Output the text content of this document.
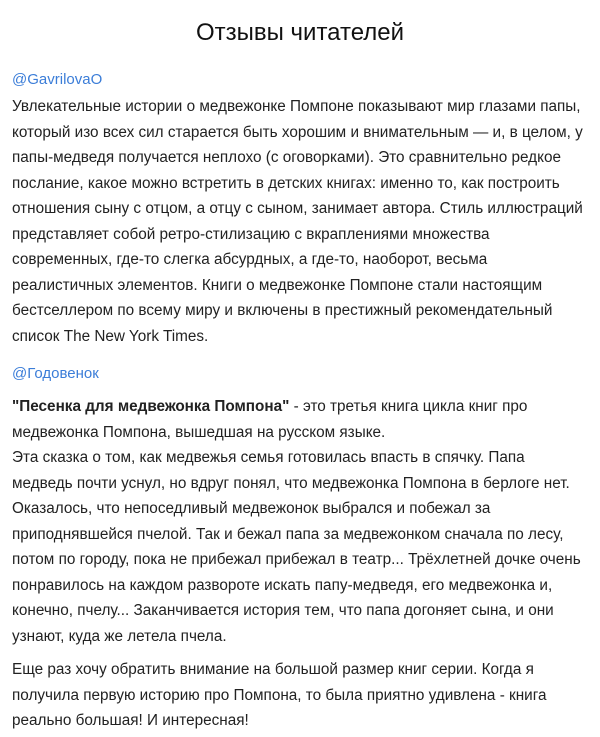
Отзывы читателей
@GavrilovaO

Увлекательные истории о медвежонке Помпоне показывают мир глазами папы, который изо всех сил старается быть хорошим и внимательным — и, в целом, у папы-медведя получается неплохо (с оговорками). Это сравнительно редкое послание, какое можно встретить в детских книгах: именно то, как построить отношения сыну с отцом, а отцу с сыном, занимает автора. Стиль иллюстраций представляет собой ретро-стилизацию с вкраплениями множества современных, где-то слегка абсурдных, а где-то, наоборот, весьма реалистичных элементов. Книги о медвежонке Помпоне стали настоящим бестселлером по всему миру и включены в престижный рекомендательный список The New York Times.

@Годовенок

"Песенка для медвежонка Помпона" - это третья книга цикла книг про медвежонка Помпона, вышедшая на русском языке.

Эта сказка о том, как медвежья семья готовилась впасть в спячку. Папа медведь почти уснул, но вдруг понял, что медвежонка Помпона в берлоге нет. Оказалось, что непоседливый медвежонок выбрался и побежал за приподнявшейся пчелой. Так и бежал папа за медвежонком сначала по лесу, потом по городу, пока не прибежал прибежал в театр... Трёхлетней дочке очень понравилось на каждом развороте искать папу-медведя, его медвежонка и, конечно, пчелу... Заканчивается история тем, что папа догоняет сына, и они узнают, куда же летела пчела.

Еще раз хочу обратить внимание на большой размер книг серии. Когда я получила первую историю про Помпона, то была приятно удивлена - книга реально большая! И интересная!
